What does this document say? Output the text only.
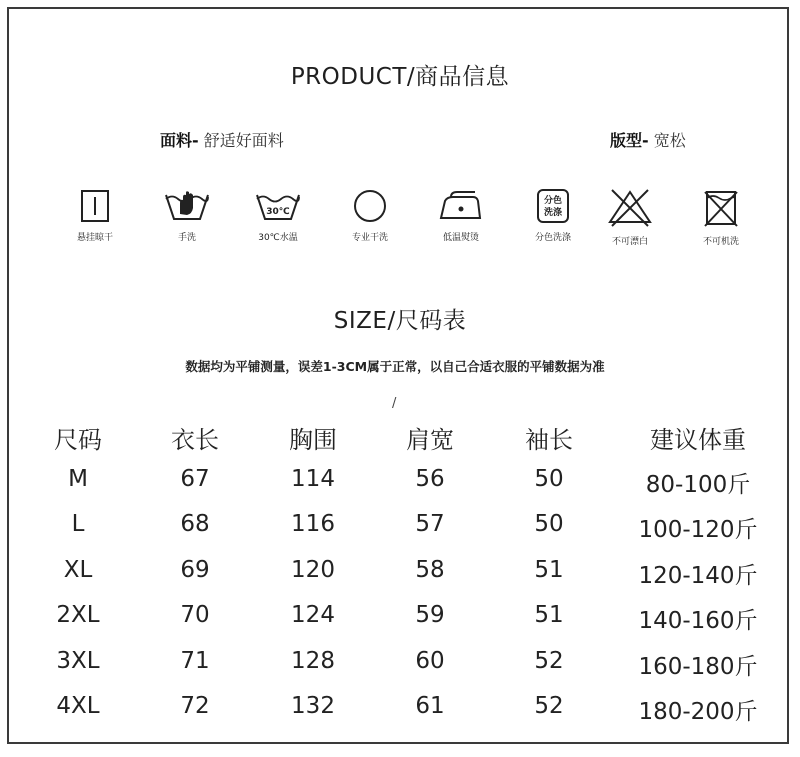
PRODUCT/商品信息
面料- 舒适好面料	版型- 宽松
悬挂晾干	手洗
30℃
30℃水温	专业干洗	低温熨烫
分色
洗涤
分色洗涤	不可漂白	不可机洗
SIZE/尺码表
数据均为平铺测量，误差1-3CM属于正常，以自己合适衣服的平铺数据为准
/
尺码	衣长	胸围	肩宽	袖长	建议体重
M	67	114	56	50	80-100斤
L	68	116	57	50	100-120斤
XL	69	120	58	51	120-140斤
2XL	70	124	59	51	140-160斤
3XL	71	128	60	52	160-180斤
4XL	72	132	61	52	180-200斤
